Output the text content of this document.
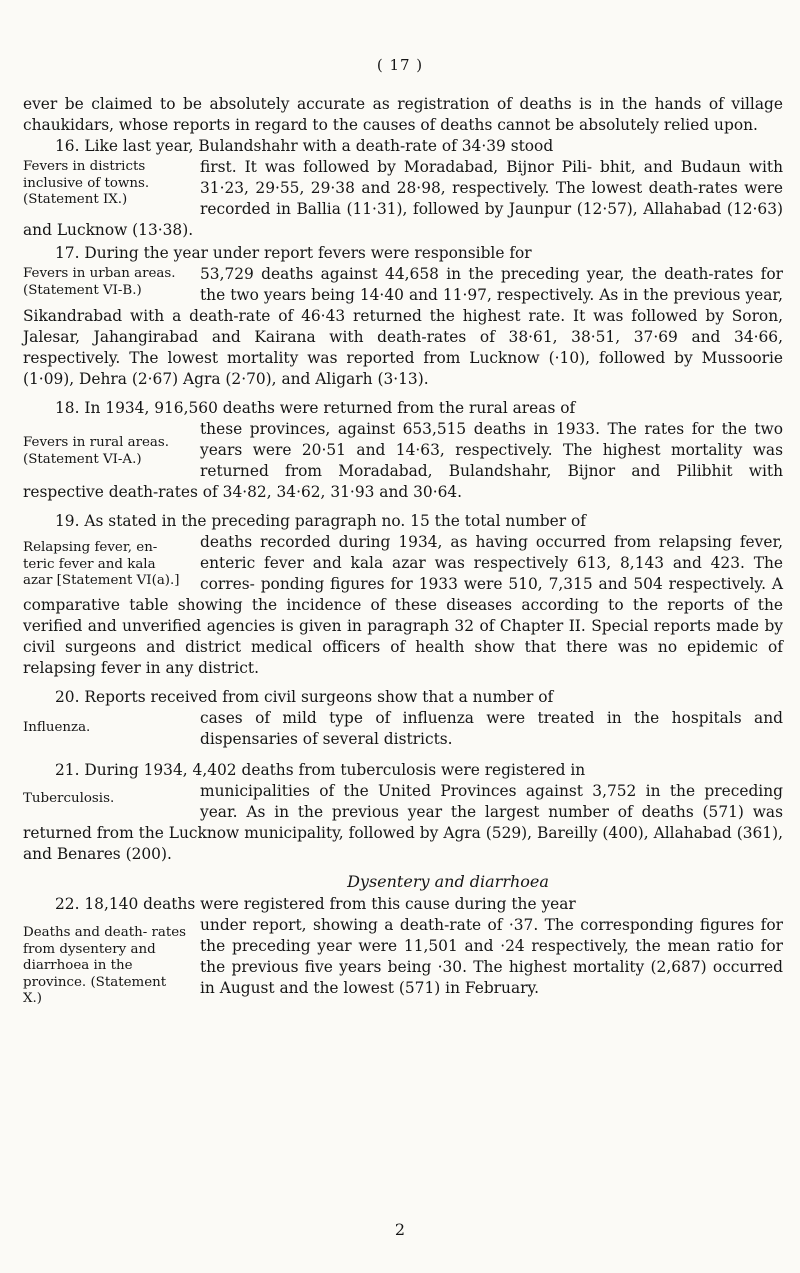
( 17 )

ever be claimed to be absolutely accurate as registration of deaths is in the hands of village chaukidars, whose reports in regard to the causes of deaths cannot be absolutely relied upon.

16. Like last year, Bulandshahr with a death-rate of 34·39 stood

Fevers in districts inclusive of towns. (Statement IX.)

first. It was followed by Moradabad, Bijnor Pili- bhit, and Budaun with 31·23, 29·55, 29·38 and 28·98, respectively. The lowest death-rates were recorded in Ballia (11·31), followed by Jaunpur (12·57), Allahabad (12·63) and Lucknow (13·38).

17. During the year under report fevers were responsible for

Fevers in urban areas. (Statement VI-B.)

53,729 deaths against 44,658 in the preceding year, the death-rates for the two years being 14·40 and 11·97, respectively. As in the previous year, Sikandrabad with a death-rate of 46·43 returned the highest rate. It was followed by Soron, Jalesar, Jahangirabad and Kairana with death-rates of 38·61, 38·51, 37·69 and 34·66, respectively. The lowest mortality was reported from Lucknow (·10), followed by Mussoorie (1·09), Dehra (2·67) Agra (2·70), and Aligarh (3·13).

18. In 1934, 916,560 deaths were returned from the rural areas of

Fevers in rural areas. (Statement VI-A.)

these provinces, against 653,515 deaths in 1933. The rates for the two years were 20·51 and 14·63, respectively. The highest mortality was returned from Moradabad, Bulandshahr, Bijnor and Pilibhit with respective death-rates of 34·82, 34·62, 31·93 and 30·64.

19. As stated in the preceding paragraph no. 15 the total number of

Relapsing fever, en- teric fever and kala azar [Statement VI(a).]

deaths recorded during 1934, as having occurred from relapsing fever, enteric fever and kala azar was respectively 613, 8,143 and 423. The corres- ponding figures for 1933 were 510, 7,315 and 504 respectively. A comparative table showing the incidence of these diseases according to the reports of the verified and unverified agencies is given in paragraph 32 of Chapter II. Special reports made by civil surgeons and district medical officers of health show that there was no epidemic of relapsing fever in any district.

20. Reports received from civil surgeons show that a number of

Influenza.

cases of mild type of influenza were treated in the hospitals and dispensaries of several districts.

21. During 1934, 4,402 deaths from tuberculosis were registered in

Tuberculosis.	municipalities of the United Provinces against 3,752 in the preceding year. As in the previous year the largest number of deaths (571) was returned from the Lucknow municipality, followed by Agra (529), Bareilly (400), Allahabad (361), and Benares (200).

Dysentery and diarrhoea

22. 18,140 deaths were registered from this cause during the year

Deaths and death- rates from dysentery and diarrhoea in the province. (Statement X.)

under report, showing a death-rate of ·37. The corresponding figures for the preceding year were 11,501 and ·24 respectively, the mean ratio for the previous five years being ·30. The highest mortality (2,687) occurred in August and the lowest (571) in February.

2
